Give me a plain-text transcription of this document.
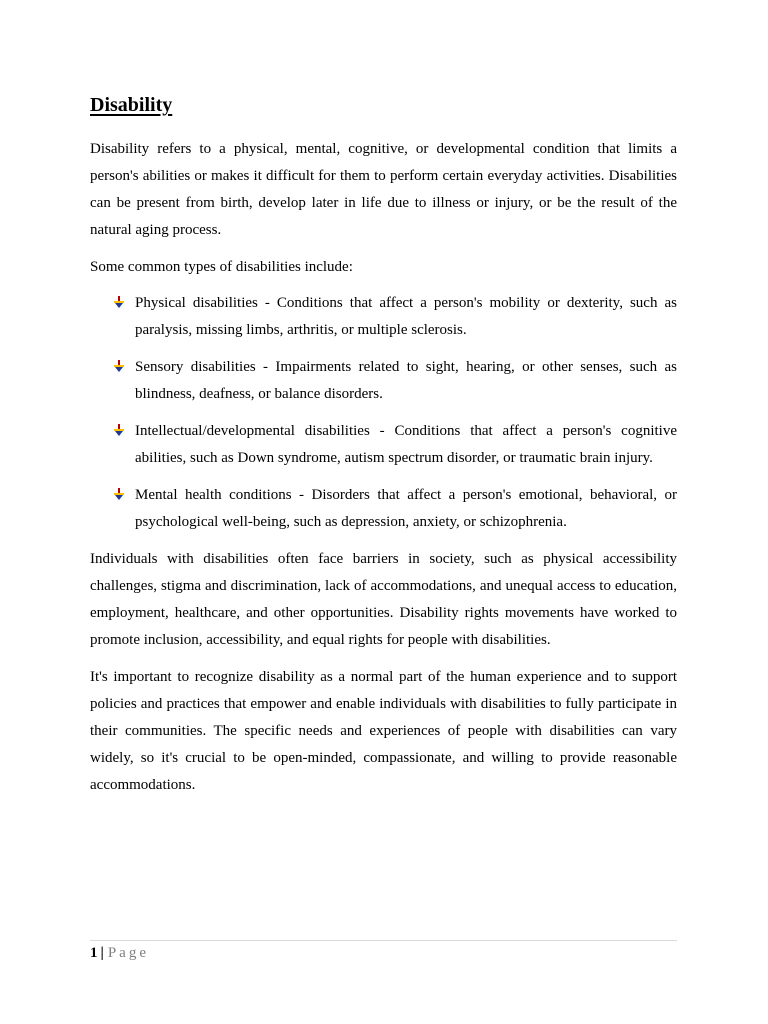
Disability

Disability refers to a physical, mental, cognitive, or developmental condition that limits a person's abilities or makes it difficult for them to perform certain everyday activities. Disabilities can be present from birth, develop later in life due to illness or injury, or be the result of the natural aging process.

Some common types of disabilities include:

Physical disabilities - Conditions that affect a person's mobility or dexterity, such as paralysis, missing limbs, arthritis, or multiple sclerosis.
Sensory disabilities - Impairments related to sight, hearing, or other senses, such as blindness, deafness, or balance disorders.
Intellectual/developmental disabilities - Conditions that affect a person's cognitive abilities, such as Down syndrome, autism spectrum disorder, or traumatic brain injury.
Mental health conditions - Disorders that affect a person's emotional, behavioral, or psychological well-being, such as depression, anxiety, or schizophrenia.

Individuals with disabilities often face barriers in society, such as physical accessibility challenges, stigma and discrimination, lack of accommodations, and unequal access to education, employment, healthcare, and other opportunities. Disability rights movements have worked to promote inclusion, accessibility, and equal rights for people with disabilities.

It's important to recognize disability as a normal part of the human experience and to support policies and practices that empower and enable individuals with disabilities to fully participate in their communities. The specific needs and experiences of people with disabilities can vary widely, so it's crucial to be open-minded, compassionate, and willing to provide reasonable accommodations.

1 | Page
